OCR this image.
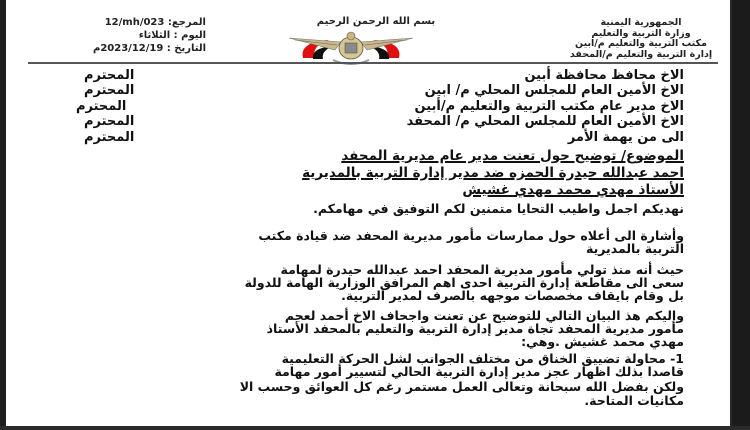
المرجع: 12/mh/023
اليوم : الثلاثاء
التاريخ : 2023/12/19م
بسم الله الرحمن الرحيم	الجمهورية اليمنية
وزارة التربية والتعليم
مكتب التربية والتعليم م/ابين
إدارة التربية والتعليم م/المحفد
الاخ محافظ محافظة أبين
المحترم
الاخ الأمين العام للمجلس المحلي م/ ابين
المحترم
الاخ مدير عام مكتب التربية والتعليم م/أبين
المحترم
الاخ الأمين العام للمجلس المحلي م/ المحفد
المحترم
الى من يهمة الأمر
المحترم
الموضوع/ توضيح حول تعنت مدير عام مديرية المحفد
احمد عبدالله حيدرة الحمزه ضد مدير إدارة التربية بالمديرية
الأستاذ مهدي محمد مهدي غشيش
نهديكم اجمل واطيب التحايا متمنين لكم التوفيق في مهامكم.
وأشارة الى أعلاه حول ممارسات مأمور مديرية المحفد ضد قيادة مكتب
التربية بالمديرية
حيث أنه منذ تولي مأمور مديرية المحفد احمد عبدالله حيدرة لمهامة
سعى الى مقاطعة إدارة التربية احدى اهم المرافق الوزارية الهامة للدولة
بل وقام بايقاف مخصصات موجهه بالصرف لمدير التربية.
واليكم هذ البيان التالي للتوضيح عن تعنت واجحاف الاخ أحمد لعجم
مأمور مديرية المحفد تجاة مدير إدارة التربية والتعليم بالمحفد الأستاذ
مهدي محمد غشيش .وهي:
1- محاولة تضييق الخناق من مختلف الجوانب لشل الحركة التعليمية
قاصدا بذلك اظهار عجز مدير إدارة التربية الحالي لتسيير أمور مهامة
ولكن بفضل الله سبحانة وتعالى العمل مستمر رغم كل العوائق وحسب الا
مكانيات المتاحة.
